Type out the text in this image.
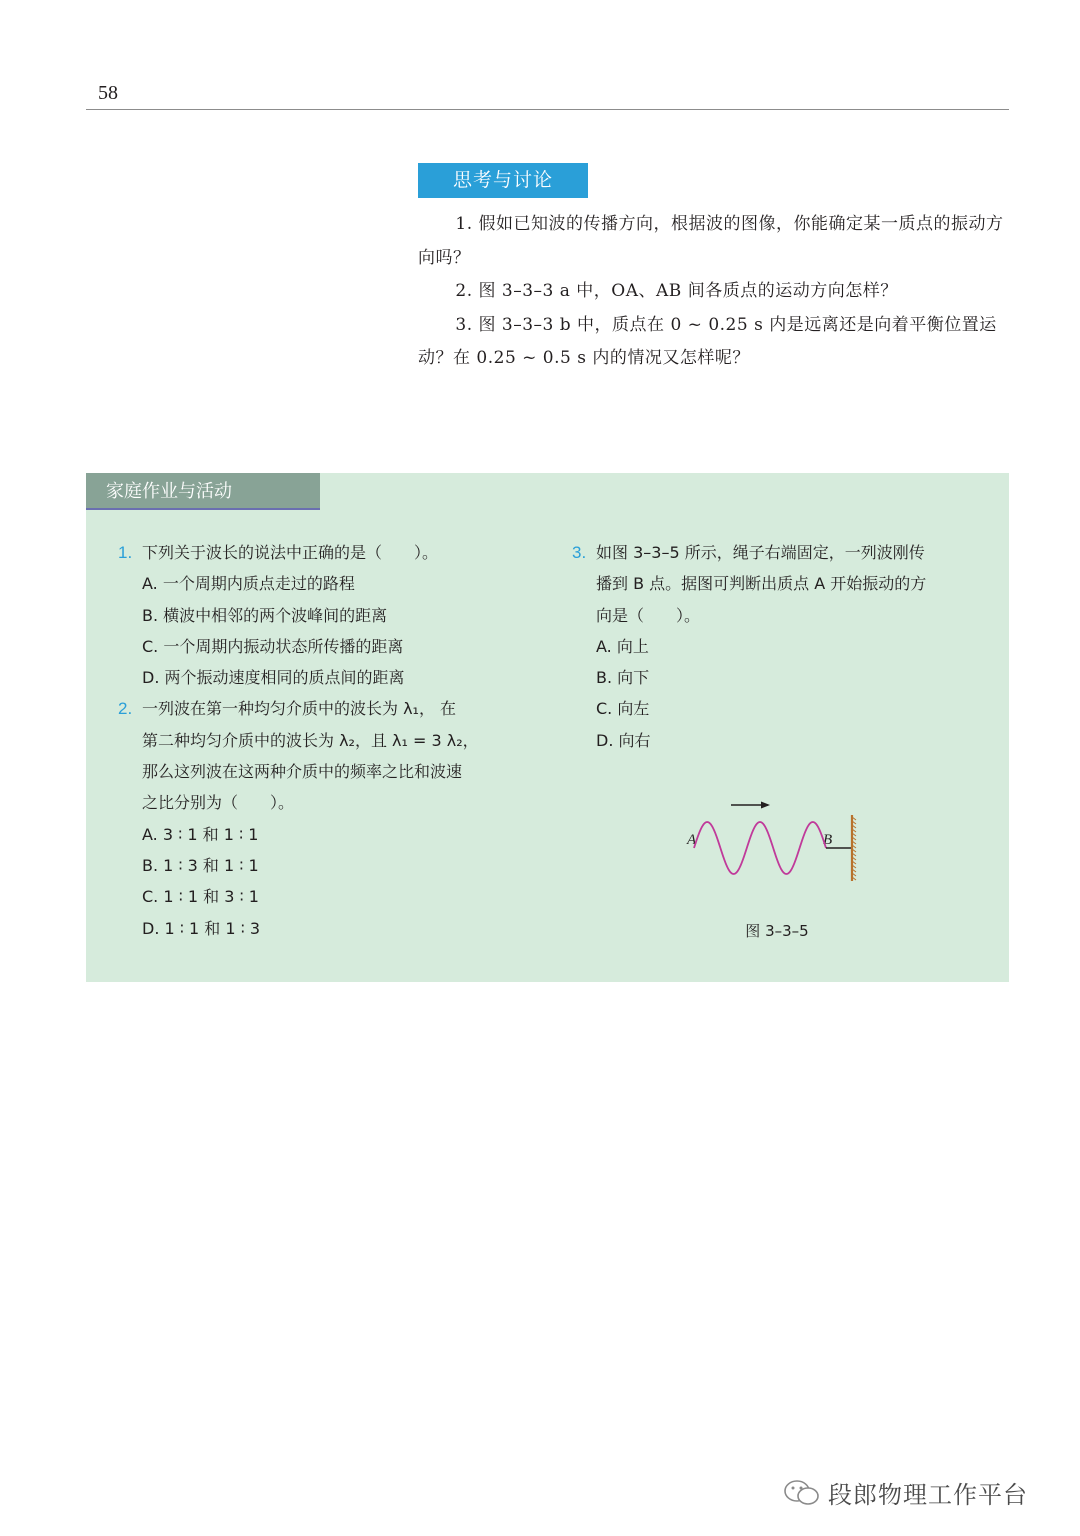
58
思考与讨论

1. 假如已知波的传播方向，根据波的图像，你能确定某一质点的振动方向吗？

2. 图 3–3–3 a 中，OA、AB 间各质点的运动方向怎样？

3. 图 3–3–3 b 中，质点在 0 ~ 0.25 s 内是远离还是向着平衡位置运动？在 0.25 ~ 0.5 s 内的情况又怎样呢？

家庭作业与活动
1. 下列关于波长的说法中正确的是（　　）。
A. 一个周期内质点走过的路程
B. 横波中相邻的两个波峰间的距离
C. 一个周期内振动状态所传播的距离
D. 两个振动速度相同的质点间的距离
2. 一列波在第一种均匀介质中的波长为 λ₁， 在
第二种均匀介质中的波长为 λ₂，且 λ₁ = 3 λ₂，
那么这列波在这两种介质中的频率之比和波速
之比分别为（　　）。
A. 3 ∶ 1 和 1 ∶ 1
B. 1 ∶ 3 和 1 ∶ 1
C. 1 ∶ 1 和 3 ∶ 1
D. 1 ∶ 1 和 1 ∶ 3
3. 如图 3–3–5 所示，绳子右端固定，一列波刚传
播到 B 点。据图可判断出质点 A 开始振动的方
向是（　　）。
A. 向上
B. 向下
C. 向左
D. 向右
A	B
图 3–3–5
段郎物理工作平台
